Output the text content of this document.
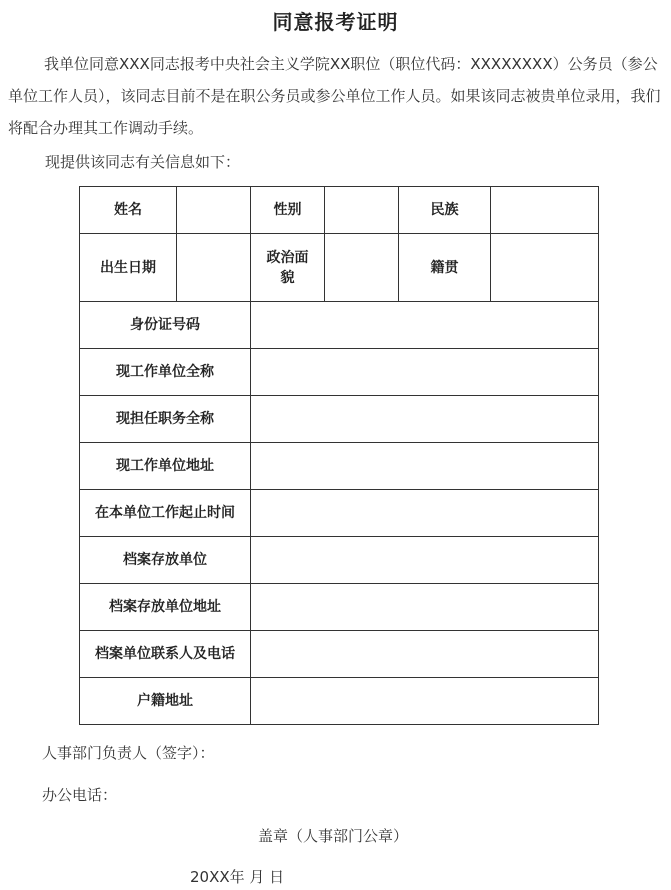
同意报考证明
我单位同意XXX同志报考中央社会主义学院XX职位（职位代码：XXXXXXXX）公务员（参公单位工作人员），该同志目前不是在职公务员或参公单位工作人员。如果该同志被贵单位录用，我们将配合办理其工作调动手续。
现提供该同志有关信息如下：
姓名		性别		民族	
出生日期		政治面貌		籍贯	
身份证号码					
现工作单位全称					
现担任职务全称					
现工作单位地址					
在本单位工作起止时间					
档案存放单位					
档案存放单位地址					
档案单位联系人及电话					
户籍地址					
人事部门负责人（签字）：
办公电话：
盖章（人事部门公章）
20XX年 月 日
